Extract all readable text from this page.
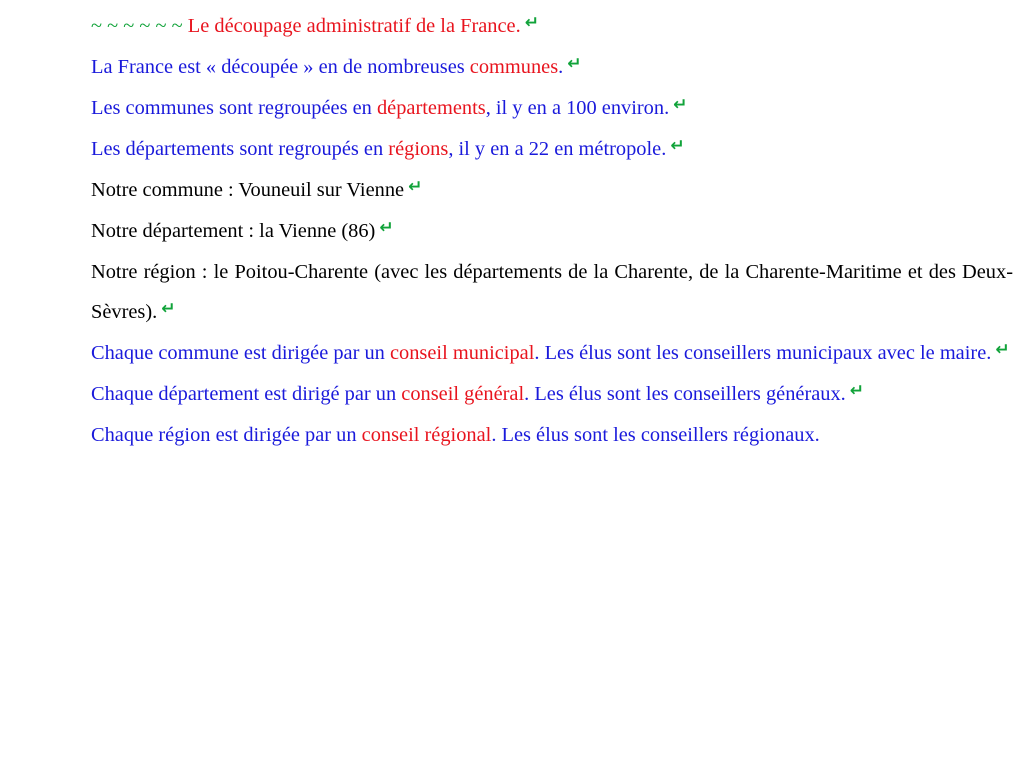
~ ~ ~ ~ ~ ~ Le découpage administratif de la France. ↵

La France est « découpée » en de nombreuses communes. ↵

Les communes sont regroupées en départements, il y en a 100 environ. ↵

Les départements sont regroupés en régions, il y en a 22 en métropole. ↵

Notre commune : Vouneuil sur Vienne ↵

Notre département : la Vienne (86) ↵

Notre région : le Poitou-Charente (avec les départements de la Charente, de la Charente-Maritime et des Deux-Sèvres). ↵

Chaque commune est dirigée par un conseil municipal. Les élus sont les conseillers municipaux avec le maire. ↵

Chaque département est dirigé par un conseil général. Les élus sont les conseillers généraux. ↵

Chaque région est dirigée par un conseil régional. Les élus sont les conseillers régionaux.
